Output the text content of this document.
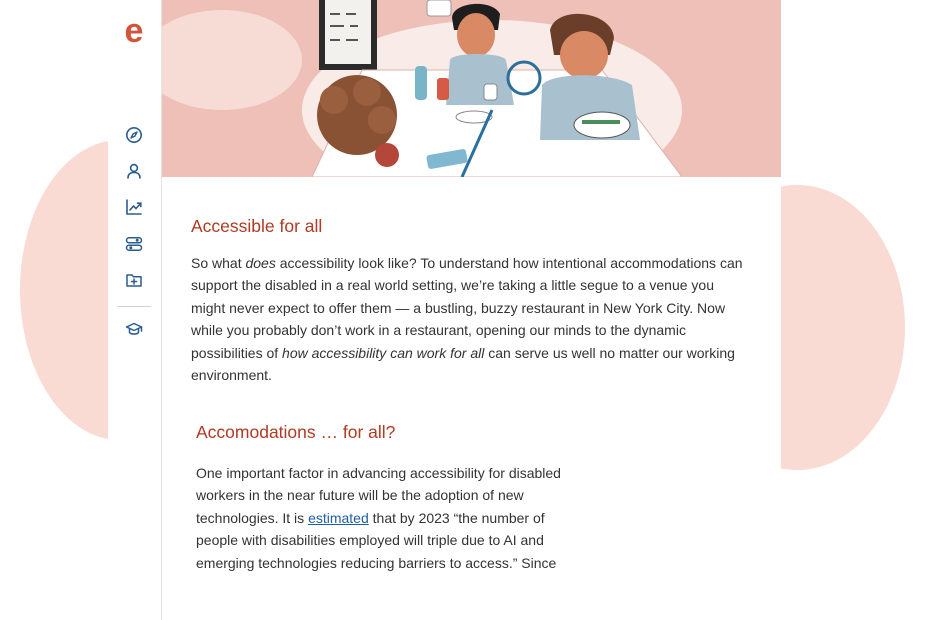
e
Accessible for all

So what does accessibility look like? To understand how intentional accommodations can support the disabled in a real world setting, we’re taking a little segue to a venue you might never expect to offer them — a bustling, buzzy restaurant in New York City. Now while you probably don’t work in a restaurant, opening our minds to the dynamic possibilities of how accessibility can work for all can serve us well no matter our working environment.

Accomodations … for all?

One important factor in advancing accessibility for disabled workers in the near future will be the adoption of new technologies. It is estimated that by 2023 “the number of people with disabilities employed will triple due to AI and emerging technologies reducing barriers to access.” Since
